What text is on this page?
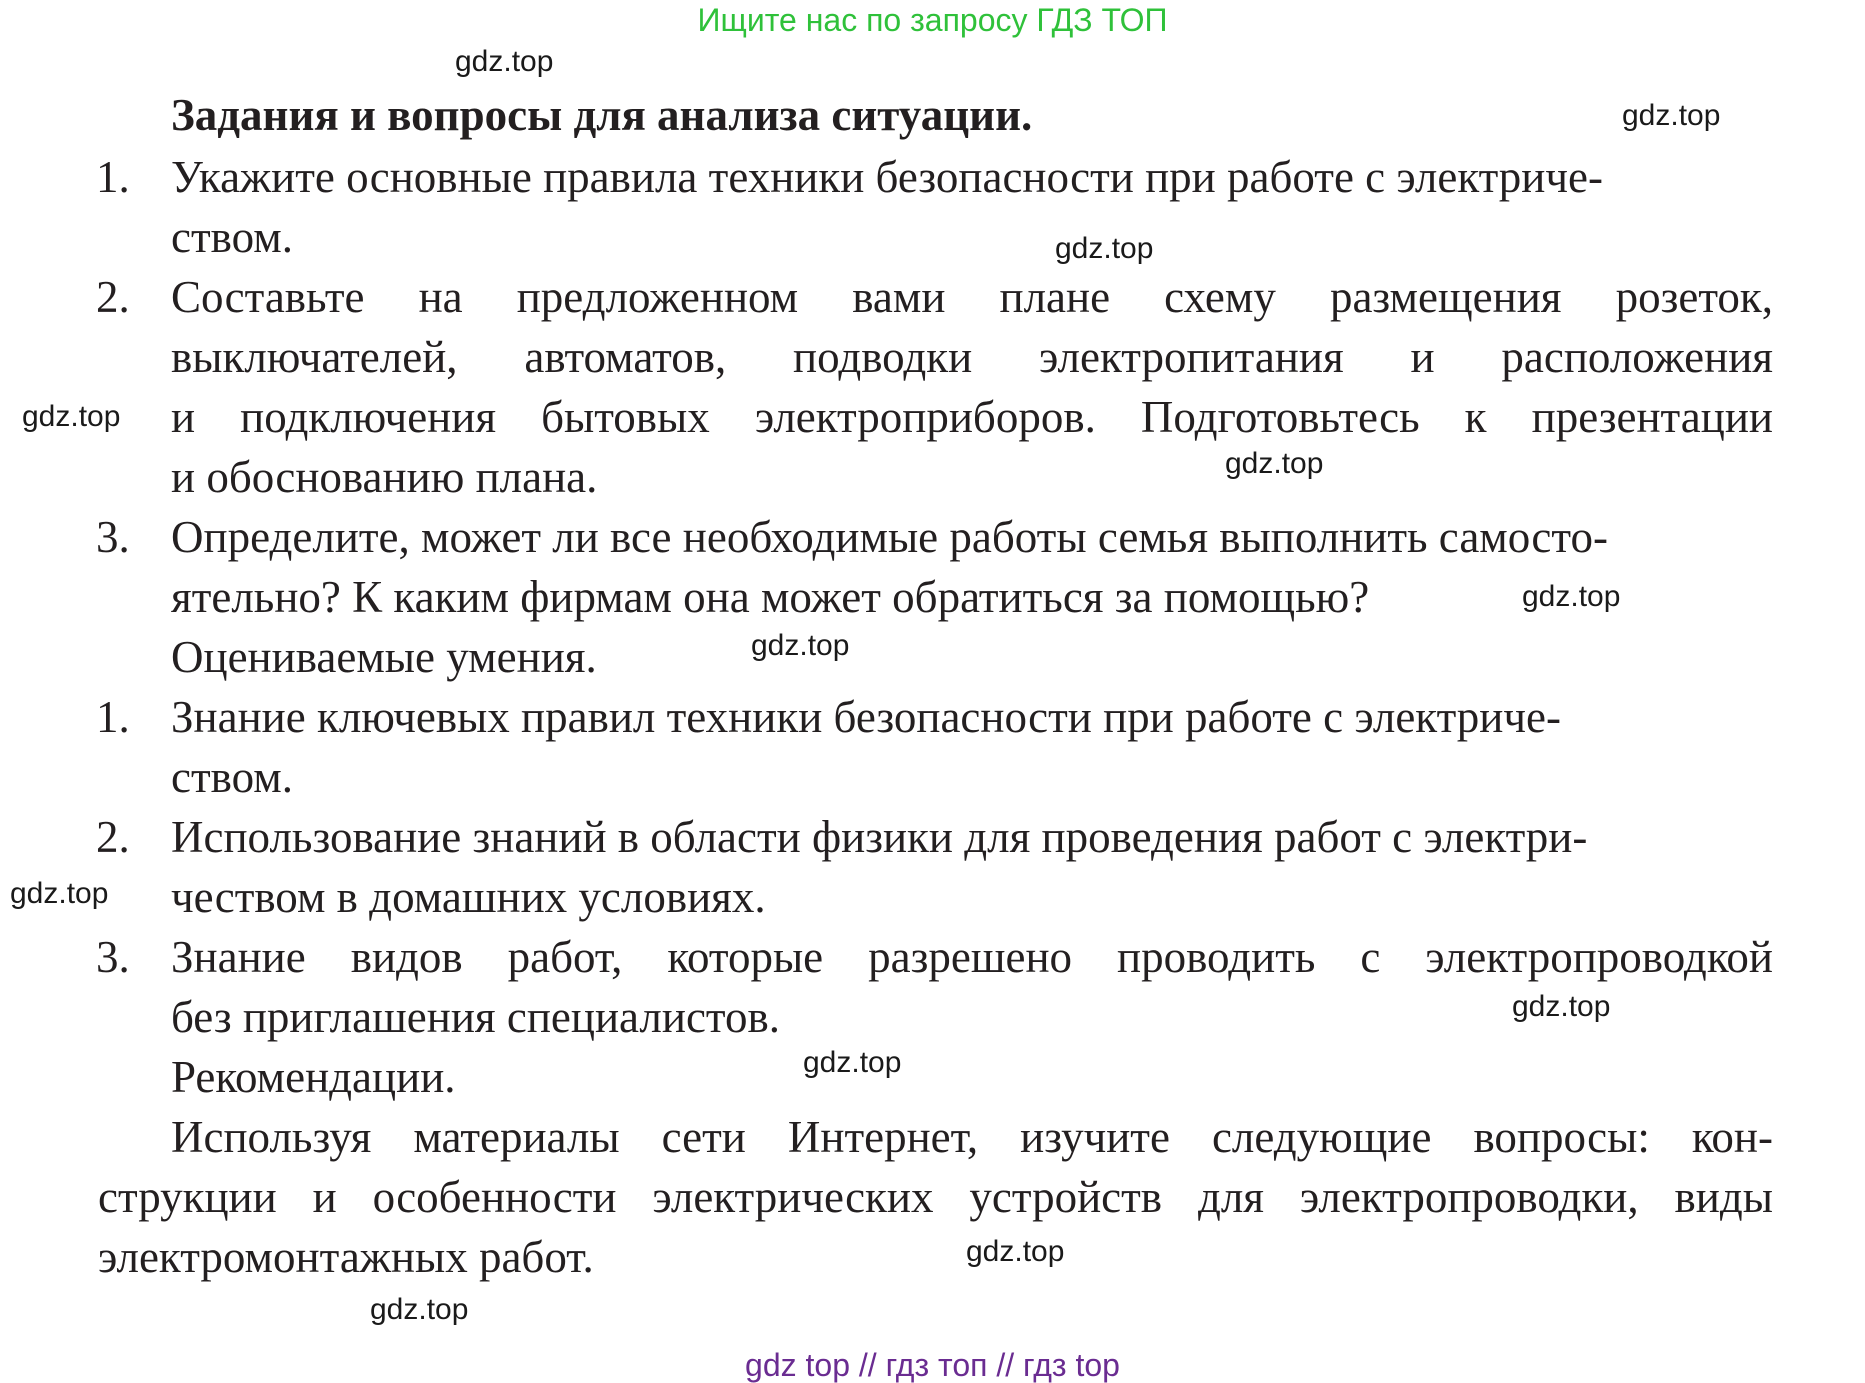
Ищите нас по запросу ГДЗ ТОП
gdz.top
gdz.top
gdz.top
gdz.top
gdz.top
gdz.top
gdz.top
gdz.top
gdz.top
gdz.top
gdz.top
gdz.top
Задания и вопросы для анализа ситуации.
1. Укажите основные правила техники безопасности при работе с электриче-
ством.
2. Составьте на предложенном вами плане схему размещения розеток,
выключателей, автоматов, подводки электропитания и расположения
и подключения бытовых электроприборов. Подготовьтесь к презентации
и обоснованию плана.
3. Определите, может ли все необходимые работы семья выполнить самосто-
ятельно? К каким фирмам она может обратиться за помощью?
Оцениваемые умения.
1. Знание ключевых правил техники безопасности при работе с электриче-
ством.
2. Использование знаний в области физики для проведения работ с электри-
чеством в домашних условиях.
3. Знание видов работ, которые разрешено проводить с электропроводкой
без приглашения специалистов.
Рекомендации.
Используя материалы сети Интернет, изучите следующие вопросы: кон-
струкции и особенности электрических устройств для электропроводки, виды
электромонтажных работ.
gdz top // гдз топ // гдз top
